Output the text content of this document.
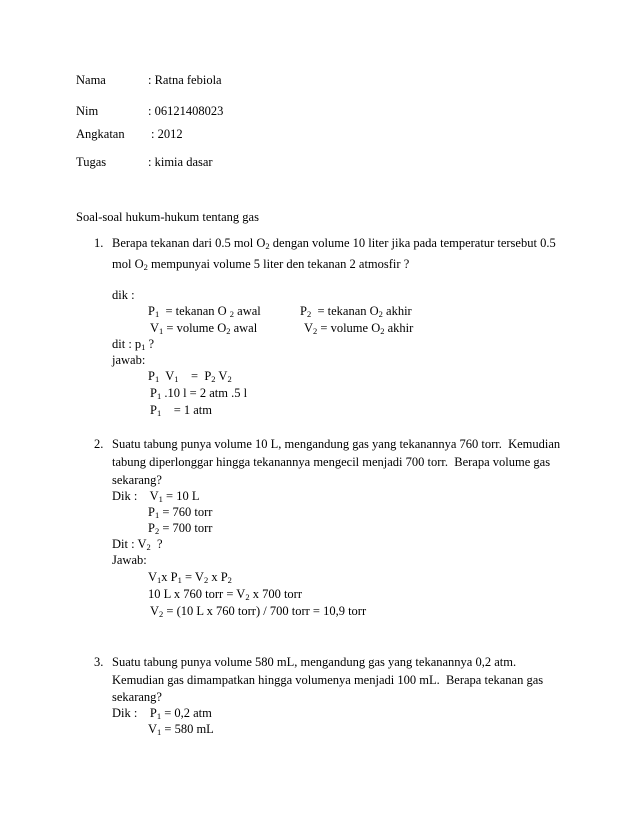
Nama	: Ratna febiola
Nim	: 06121408023
Angkatan : 2012
Tugas	: kimia dasar
Soal-soal hukum-hukum tentang gas
1. Berapa tekanan dari 0.5 mol $O_2$ dengan volume 10 liter jika pada temperatur tersebut 0.5
mol $O_2$ mempunyai volume 5 liter den tekanan 2 atmosfir ?
dik :
$P_1$  = tekanan O $_2$ awal	$P_2$  = tekanan $O_2$ akhir
$V_1$ = volume $O_2$ awal	$V_2$ = volume $O_2$ akhir
dit : $p_1$ ?
jawab:
$P_1$  $V_1$    =  $P_2$ $V_2$
$P_1$ .10 l = 2 atm .5 l
$P_1$    = 1 atm
2. Suatu tabung punya volume 10 L, mengandung gas yang tekanannya 760 torr.  Kemudian
tabung diperlonggar hingga tekanannya mengecil menjadi 700 torr.  Berapa volume gas
sekarang?
Dik :    $V_1 = 10$ L
$P_1 = 760$ torr
$P_2 = 700$ torr
Dit : $V_2$  ?
Jawab:
$V_1x$ $P_1 = V_2$ x $P_2$
10 L x 760 torr = $V_2$ x 700 torr
$V_2 = (10$ L x 760 torr) / 700 torr = 10,9 torr
3. Suatu tabung punya volume 580 mL, mengandung gas yang tekanannya 0,2 atm.
Kemudian gas dimampatkan hingga volumenya menjadi 100 mL.  Berapa tekanan gas
sekarang?
Dik :    $P_1 = 0,2$ atm
$V_1 = 580$ mL
